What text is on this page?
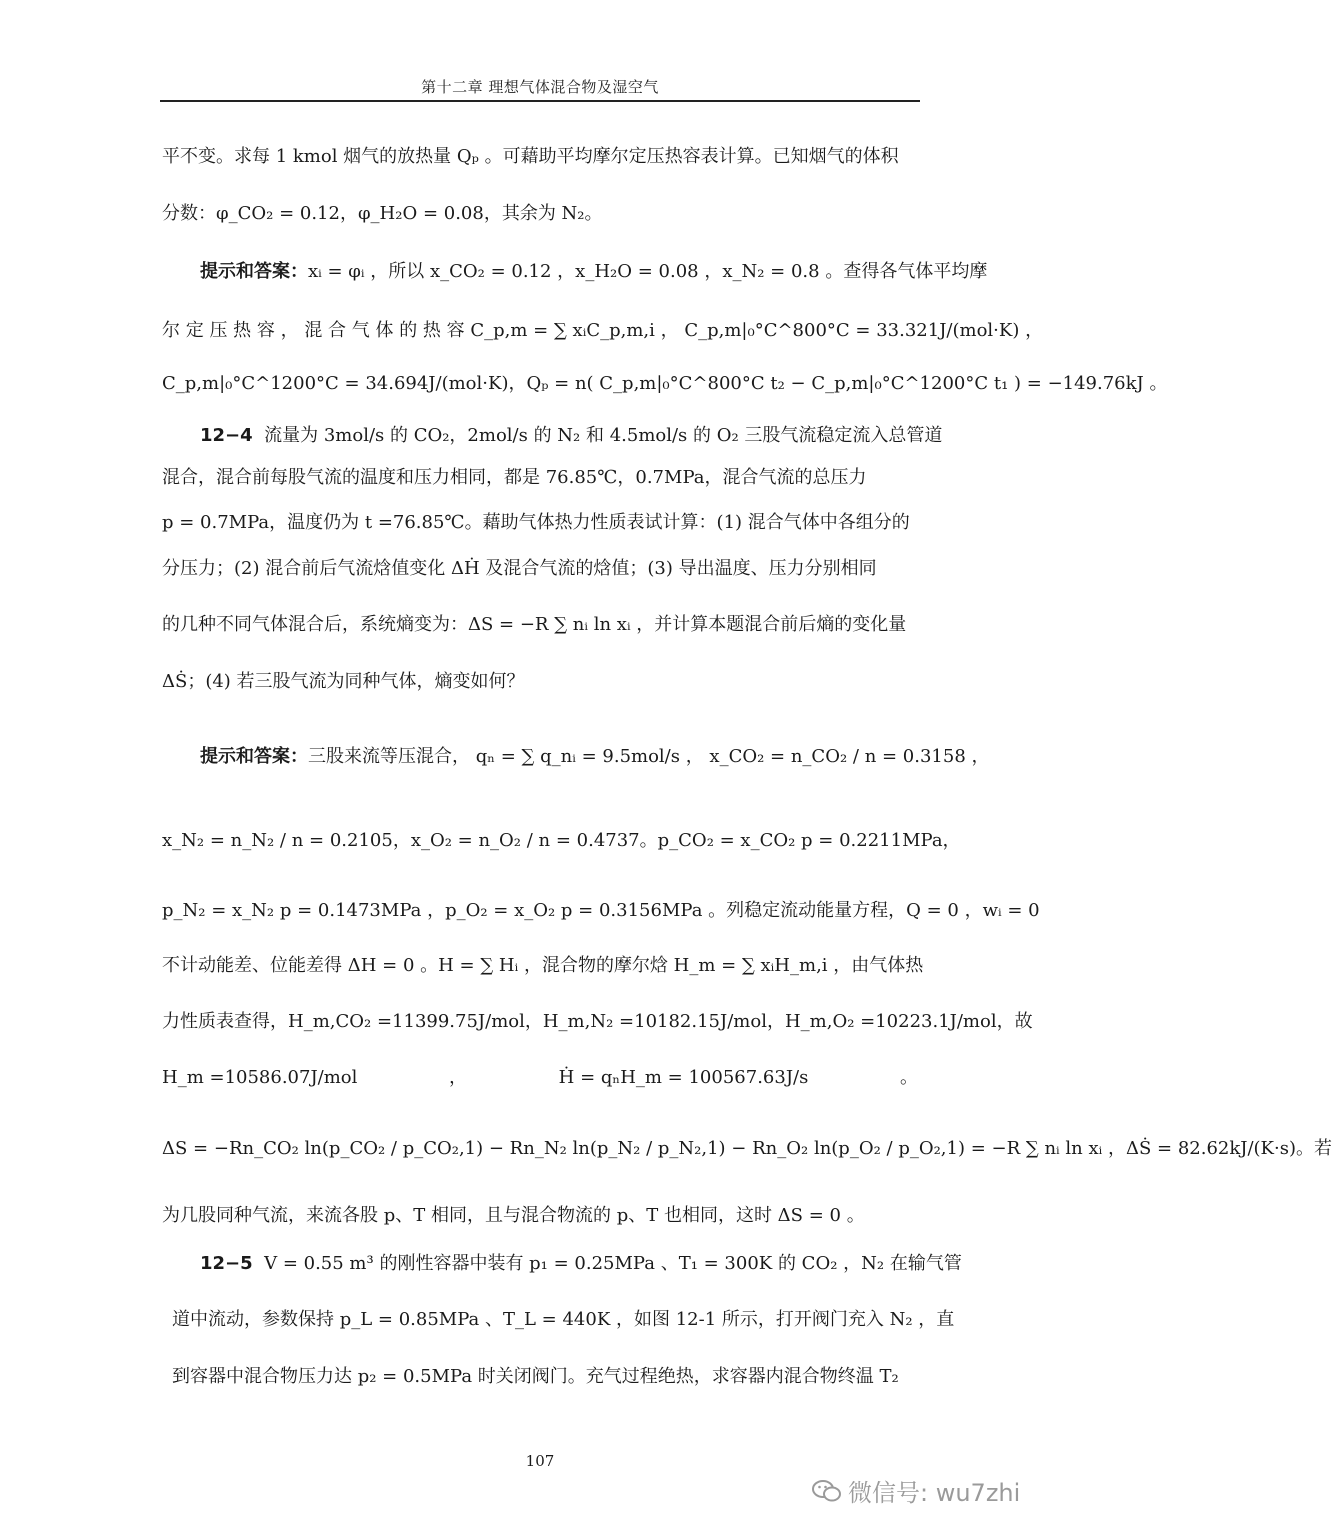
第十二章 理想气体混合物及湿空气
平不变。求每 1 kmol 烟气的放热量 Qₚ 。可藉助平均摩尔定压热容表计算。已知烟气的体积
分数：φ_CO₂ = 0.12，φ_H₂O = 0.08，其余为 N₂。
提示和答案：xᵢ = φᵢ ，所以 x_CO₂ = 0.12 ，x_H₂O = 0.08 ，x_N₂ = 0.8 。查得各气体平均摩
尔 定 压 热 容 ， 混 合 气 体 的 热 容 C_p,m = ∑ xᵢC_p,m,i ， C_p,m|₀°C^800°C = 33.321J/(mol·K) ，
C_p,m|₀°C^1200°C = 34.694J/(mol·K)，Qₚ = n( C_p,m|₀°C^800°C t₂ − C_p,m|₀°C^1200°C t₁ ) = −149.76kJ 。
12−4 流量为 3mol/s 的 CO₂，2mol/s 的 N₂ 和 4.5mol/s 的 O₂ 三股气流稳定流入总管道
混合，混合前每股气流的温度和压力相同，都是 76.85℃，0.7MPa，混合气流的总压力
p = 0.7MPa，温度仍为 t =76.85℃。藉助气体热力性质表试计算：(1) 混合气体中各组分的
分压力；(2) 混合前后气流焓值变化 ΔḢ 及混合气流的焓值；(3) 导出温度、压力分别相同
的几种不同气体混合后，系统熵变为：ΔS = −R ∑ nᵢ ln xᵢ ，并计算本题混合前后熵的变化量
ΔṠ；(4) 若三股气流为同种气体，熵变如何？
提示和答案：三股来流等压混合， qₙ = ∑ q_nᵢ = 9.5mol/s ， x_CO₂ = n_CO₂ / n = 0.3158 ，
x_N₂ = n_N₂ / n = 0.2105 ， x_O₂ = n_O₂ / n = 0.4737 。 p_CO₂ = x_CO₂ p = 0.2211MPa ，
p_N₂ = x_N₂ p = 0.1473MPa ，p_O₂ = x_O₂ p = 0.3156MPa 。列稳定流动能量方程，Q = 0 ，wᵢ = 0
不计动能差、位能差得 ΔH = 0 。H = ∑ Hᵢ ，混合物的摩尔焓 H_m = ∑ xᵢH_m,i ，由气体热
力性质表查得，H_m,CO₂ =11399.75J/mol，H_m,N₂ =10182.15J/mol，H_m,O₂ =10223.1J/mol，故
H_m =10586.07J/mol	，	Ḣ = qₙH_m = 100567.63J/s	。
ΔS = −Rn_CO₂ ln(p_CO₂ / p_CO₂,1) − Rn_N₂ ln(p_N₂ / p_N₂,1) − Rn_O₂ ln(p_O₂ / p_O₂,1) = −R ∑ nᵢ ln xᵢ ，ΔṠ = 82.62kJ/(K·s)。若
为几股同种气流，来流各股 p、T 相同，且与混合物流的 p、T 也相同，这时 ΔS = 0 。
12−5 V = 0.55 m³ 的刚性容器中装有 p₁ = 0.25MPa 、T₁ = 300K 的 CO₂ ，N₂ 在输气管
道中流动，参数保持 p_L = 0.85MPa 、T_L = 440K ，如图 12-1 所示，打开阀门充入 N₂ ，直
到容器中混合物压力达 p₂ = 0.5MPa 时关闭阀门。充气过程绝热，求容器内混合物终温 T₂
107
微信号: wu7zhi
